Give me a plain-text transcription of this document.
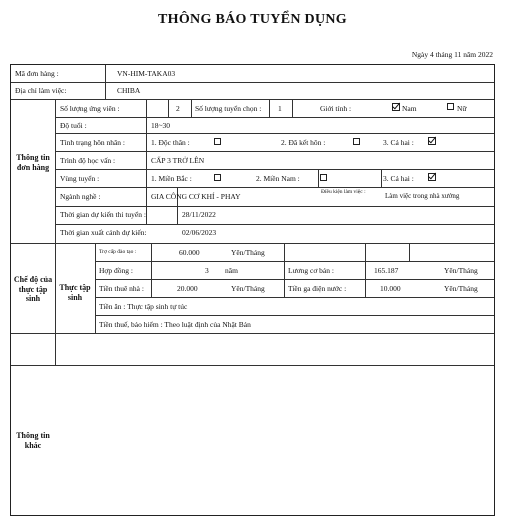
THÔNG BÁO TUYỂN DỤNG
Ngày 4 tháng 11 năm 2022
Mã đơn hàng :	VN-HIM-TAKA03
Địa chỉ làm việc:	CHIBA
Thông tin đơn hàng
Số lượng ứng viên :	2 Số lượng tuyển chọn : 1	Giới tính :	Nam	Nữ
Độ tuổi :	18~30
Tình trạng hôn nhân :	1. Độc thân :	2. Đã kết hôn :	3. Cả hai :
Trình độ học vấn :	CẤP 3 TRỞ LÊN
Vùng tuyển :	1. Miền Bắc :	2. Miền Nam :	3. Cả hai :
Ngành nghề :	GIA CÔNG CƠ KHÍ - PHAY	Điều kiện làm việc :	Làm việc trong nhà xưởng
Thời gian dự kiến thi tuyển :	28/11/2022
Thời gian xuất cảnh dự kiến:	02/06/2023
Chế độ của thực tập sinh
Thực tập sinh
Trợ cấp đào tạo :	60.000	Yên/Tháng
Hợp đồng :	3 năm	Lương cơ bản :	165.187	Yên/Tháng
Tiền thuê nhà :	20.000	Yên/Tháng	Tiền ga điện nước :	10.000	Yên/Tháng
Tiền ăn : Thực tập sinh tự túc
Tiền thuế, bảo hiểm : Theo luật định của Nhật Bản
Thông tin khác
